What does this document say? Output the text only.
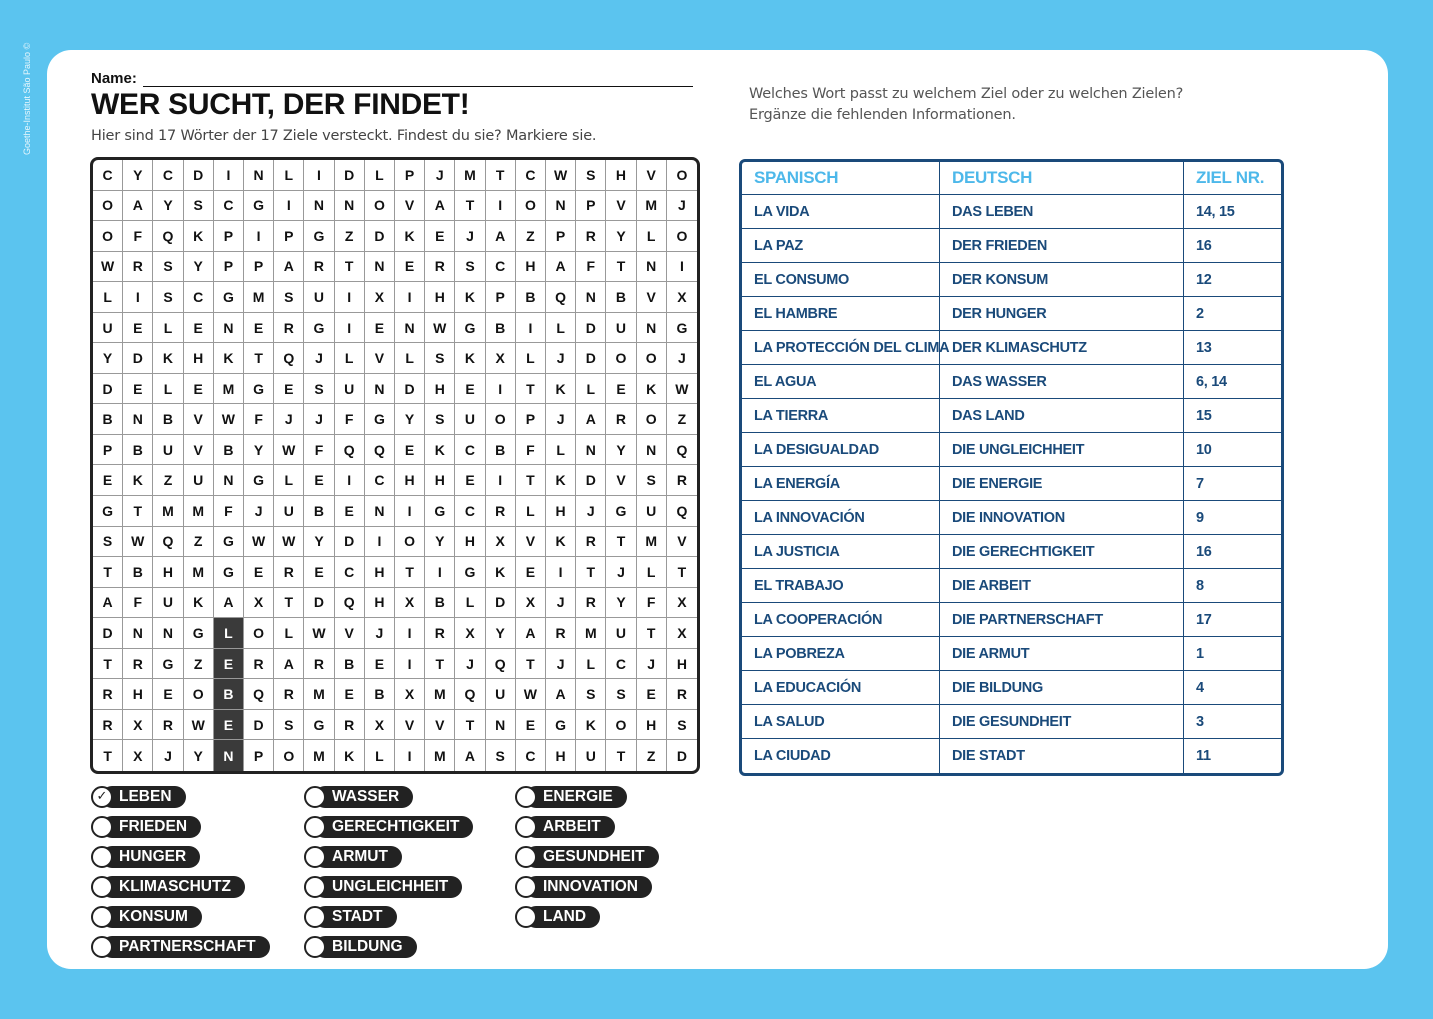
Goethe-Institut São Paulo ©	Name:
WER SUCHT, DER FINDET!
Hier sind 17 Wörter der 17 Ziele versteckt. Findest du sie? Markiere sie.
Welches Wort passt zu welchem Ziel oder zu welchen Zielen?
Ergänze die fehlenden Informationen.
C	Y	C	D	I	N	L	I	D	L	P	J	M	T	C	W	S	H	V	O
O	A	Y	S	C	G	I	N	N	O	V	A	T	I	O	N	P	V	M	J
O	F	Q	K	P	I	P	G	Z	D	K	E	J	A	Z	P	R	Y	L	O
W	R	S	Y	P	P	A	R	T	N	E	R	S	C	H	A	F	T	N	I
L	I	S	C	G	M	S	U	I	X	I	H	K	P	B	Q	N	B	V	X
U	E	L	E	N	E	R	G	I	E	N	W	G	B	I	L	D	U	N	G
Y	D	K	H	K	T	Q	J	L	V	L	S	K	X	L	J	D	O	O	J
D	E	L	E	M	G	E	S	U	N	D	H	E	I	T	K	L	E	K	W
B	N	B	V	W	F	J	J	F	G	Y	S	U	O	P	J	A	R	O	Z
P	B	U	V	B	Y	W	F	Q	Q	E	K	C	B	F	L	N	Y	N	Q
E	K	Z	U	N	G	L	E	I	C	H	H	E	I	T	K	D	V	S	R
G	T	M	M	F	J	U	B	E	N	I	G	C	R	L	H	J	G	U	Q
S	W	Q	Z	G	W	W	Y	D	I	O	Y	H	X	V	K	R	T	M	V
T	B	H	M	G	E	R	E	C	H	T	I	G	K	E	I	T	J	L	T
A	F	U	K	A	X	T	D	Q	H	X	B	L	D	X	J	R	Y	F	X
D	N	N	G	L	O	L	W	V	J	I	R	X	Y	A	R	M	U	T	X
T	R	G	Z	E	R	A	R	B	E	I	T	J	Q	T	J	L	C	J	H
R	H	E	O	B	Q	R	M	E	B	X	M	Q	U	W	A	S	S	E	R
R	X	R	W	E	D	S	G	R	X	V	V	T	N	E	G	K	O	H	S
T	X	J	Y	N	P	O	M	K	L	I	M	A	S	C	H	U	T	Z	D
✓ LEBEN
FRIEDEN
HUNGER
KLIMASCHUTZ
KONSUM
PARTNERSCHAFT
WASSER
GERECHTIGKEIT
ARMUT
UNGLEICHHEIT
STADT
BILDUNG
ENERGIE
ARBEIT
GESUNDHEIT
INNOVATION
LAND
SPANISCH	DEUTSCH	ZIEL NR.
LA VIDA	DAS LEBEN	14, 15
LA PAZ	DER FRIEDEN	16
EL CONSUMO	DER KONSUM	12
EL HAMBRE	DER HUNGER	2
LA PROTECCIÓN DEL CLIMA DER KLIMASCHUTZ	13
EL AGUA	DAS WASSER	6, 14
LA TIERRA	DAS LAND	15
LA DESIGUALDAD	DIE UNGLEICHHEIT	10
LA ENERGÍA	DIE ENERGIE	7
LA INNOVACIÓN	DIE INNOVATION	9
LA JUSTICIA	DIE GERECHTIGKEIT	16
EL TRABAJO	DIE ARBEIT	8
LA COOPERACIÓN	DIE PARTNERSCHAFT	17
LA POBREZA	DIE ARMUT	1
LA EDUCACIÓN	DIE BILDUNG	4
LA SALUD	DIE GESUNDHEIT	3
LA CIUDAD	DIE STADT	11
